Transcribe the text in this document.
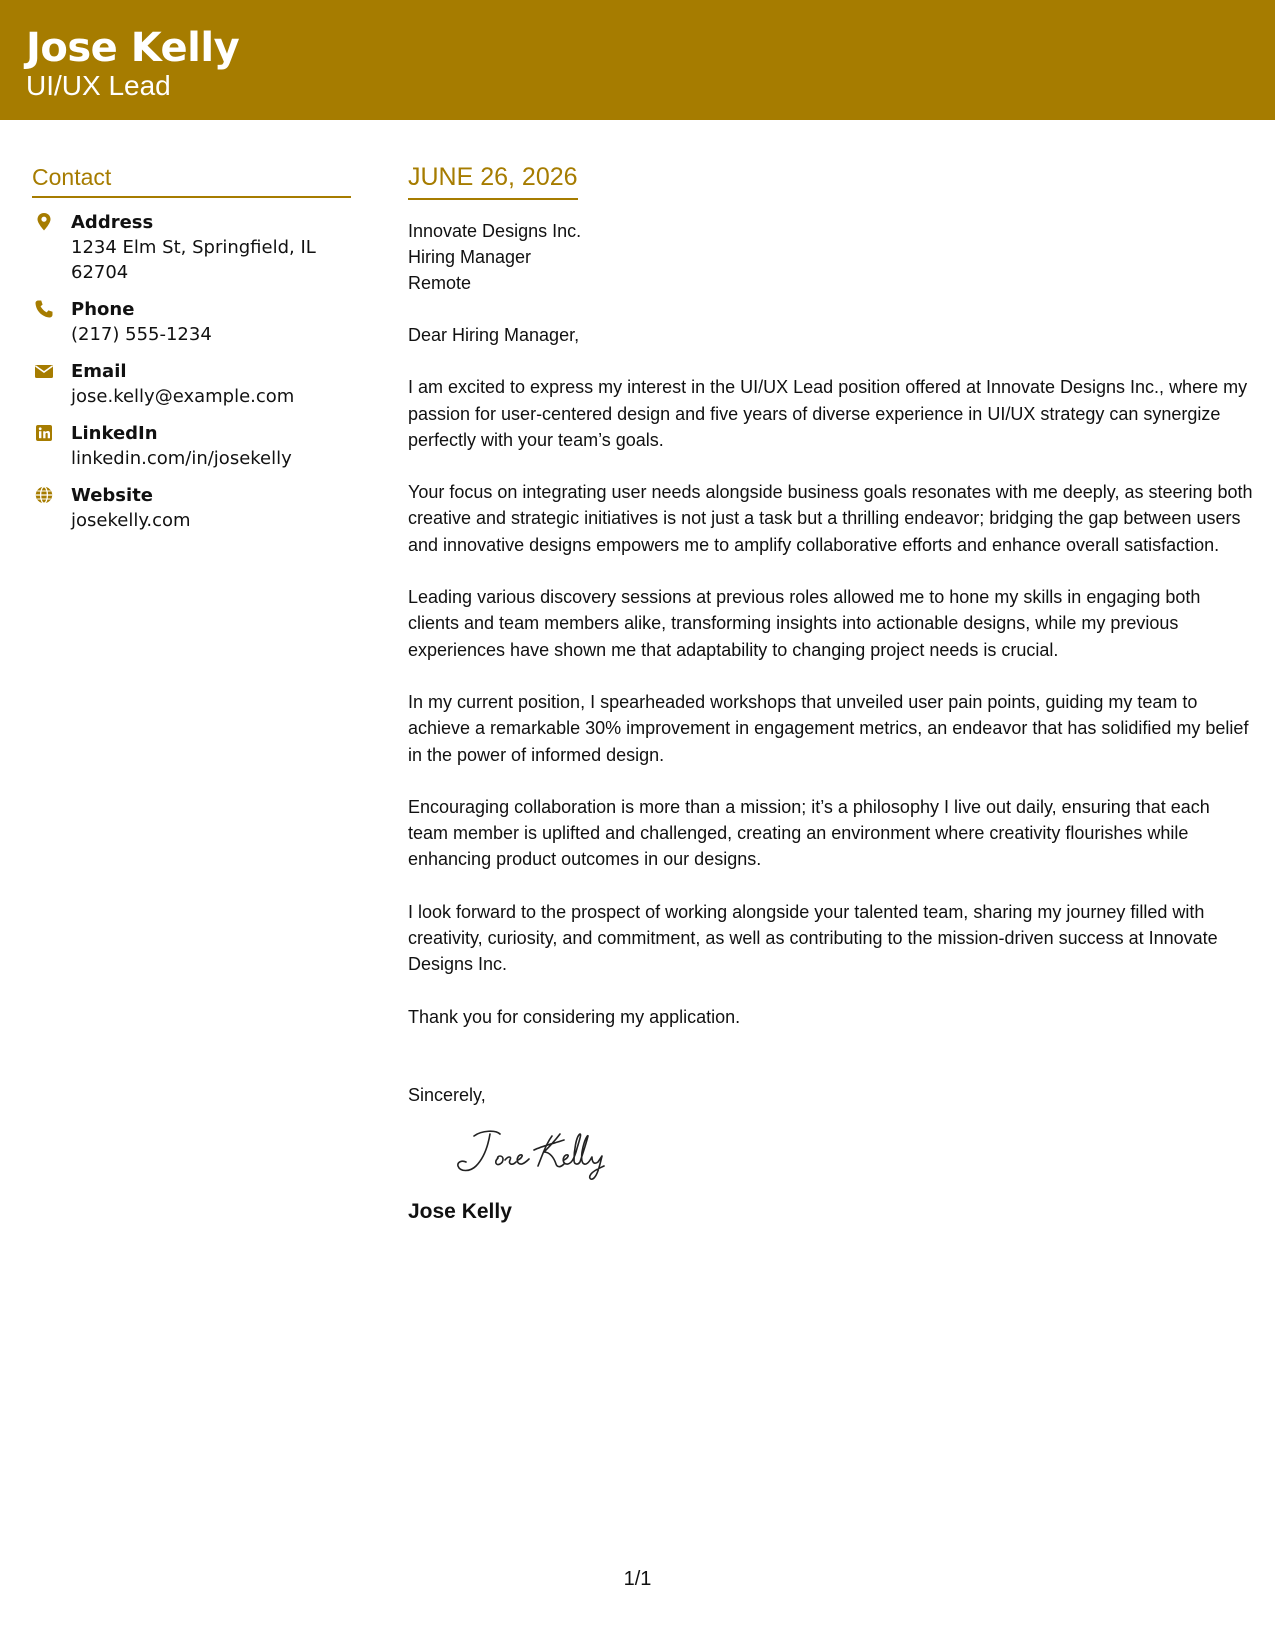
Jose Kelly
UI/UX Lead
Contact
Address
1234 Elm St, Springfield, IL 62704
Phone
(217) 555-1234
Email
jose.kelly@example.com
LinkedIn
linkedin.com/in/josekelly
Website
josekelly.com
JUNE 26, 2026
Innovate Designs Inc.
Hiring Manager
Remote

Dear Hiring Manager,

I am excited to express my interest in the UI/UX Lead position offered at Innovate Designs Inc., where my passion for user-centered design and five years of diverse experience in UI/UX strategy can synergize perfectly with your team’s goals.

Your focus on integrating user needs alongside business goals resonates with me deeply, as steering both creative and strategic initiatives is not just a task but a thrilling endeavor; bridging the gap between users and innovative designs empowers me to amplify collaborative efforts and enhance overall satisfaction.

Leading various discovery sessions at previous roles allowed me to hone my skills in engaging both clients and team members alike, transforming insights into actionable designs, while my previous experiences have shown me that adaptability to changing project needs is crucial.

In my current position, I spearheaded workshops that unveiled user pain points, guiding my team to achieve a remarkable 30% improvement in engagement metrics, an endeavor that has solidified my belief in the power of informed design.

Encouraging collaboration is more than a mission; it’s a philosophy I live out daily, ensuring that each team member is uplifted and challenged, creating an environment where creativity flourishes while enhancing product outcomes in our designs.

I look forward to the prospect of working alongside your talented team, sharing my journey filled with creativity, curiosity, and commitment, as well as contributing to the mission-driven success at Innovate Designs Inc.

Thank you for considering my application.

Sincerely,

Jose Kelly
1/1
